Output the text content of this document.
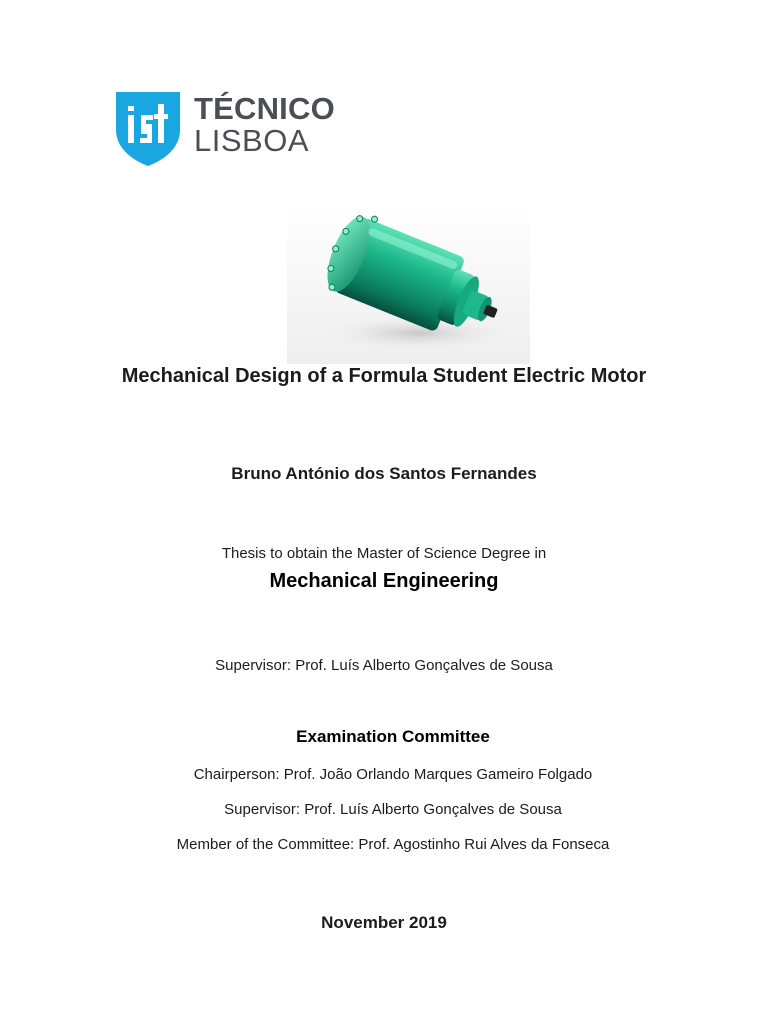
TÉCNICO
LISBOA
Mechanical Design of a Formula Student Electric Motor
Bruno António dos Santos Fernandes
Thesis to obtain the Master of Science Degree in
Mechanical Engineering
Supervisor: Prof. Luís Alberto Gonçalves de Sousa
Examination Committee
Chairperson: Prof. João Orlando Marques Gameiro Folgado
Supervisor: Prof. Luís Alberto Gonçalves de Sousa
Member of the Committee: Prof. Agostinho Rui Alves da Fonseca
November 2019
